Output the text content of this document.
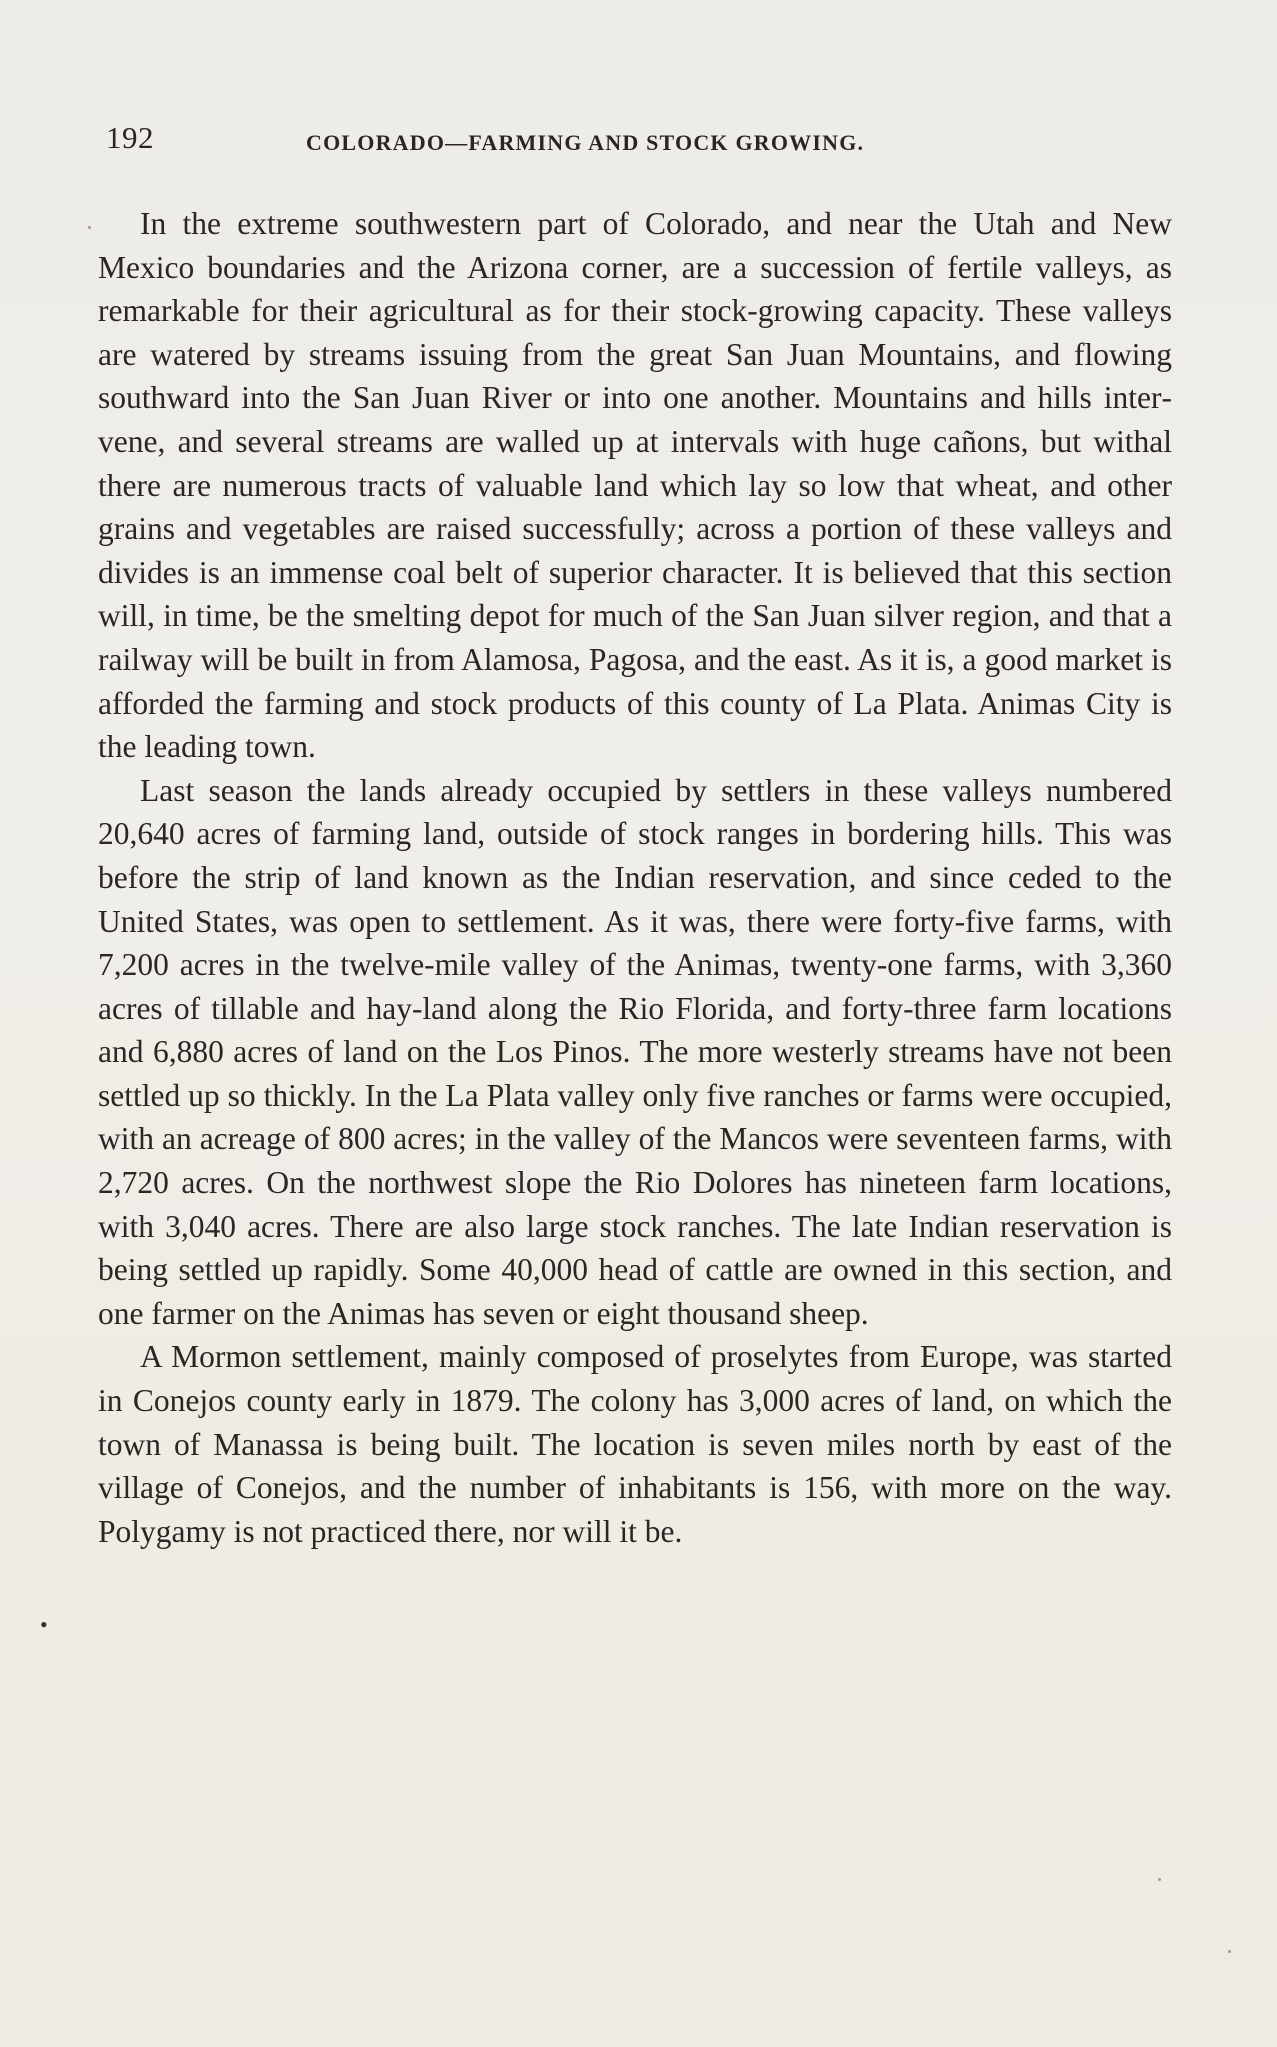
192	COLORADO—FARMING AND STOCK GROWING.

In the extreme southwestern part of Colorado, and near the Utah and New Mexico boundaries and the Arizona corner, are a succession of fertile valleys, as remarkable for their agricultural as for their stock-growing capacity. These valleys are watered by streams issuing from the great San Juan Mountains, and flowing southward into the San Juan River or into one another. Mountains and hills intervene, and several streams are walled up at intervals with huge cañons, but withal there are numerous tracts of valuable land which lay so low that wheat, and other grains and vegetables are raised successfully; across a portion of these valleys and divides is an immense coal belt of superior character. It is believed that this section will, in time, be the smelting depot for much of the San Juan silver region, and that a railway will be built in from Alamosa, Pagosa, and the east. As it is, a good market is afforded the farming and stock products of this county of La Plata. Animas City is the leading town.

Last season the lands already occupied by settlers in these valleys numbered 20,640 acres of farming land, outside of stock ranges in bordering hills. This was before the strip of land known as the Indian reservation, and since ceded to the United States, was open to settlement. As it was, there were forty-five farms, with 7,200 acres in the twelve-mile valley of the Animas, twenty-one farms, with 3,360 acres of tillable and hay-land along the Rio Florida, and forty-three farm locations and 6,880 acres of land on the Los Pinos. The more westerly streams have not been settled up so thickly. In the La Plata valley only five ranches or farms were occupied, with an acreage of 800 acres; in the valley of the Mancos were seventeen farms, with 2,720 acres. On the northwest slope the Rio Dolores has nineteen farm locations, with 3,040 acres. There are also large stock ranches. The late Indian reservation is being settled up rapidly. Some 40,000 head of cattle are owned in this section, and one farmer on the Animas has seven or eight thousand sheep.

A Mormon settlement, mainly composed of proselytes from Europe, was started in Conejos county early in 1879. The colony has 3,000 acres of land, on which the town of Manassa is being built. The location is seven miles north by east of the village of Conejos, and the number of inhabitants is 156, with more on the way. Polygamy is not practiced there, nor will it be.

•
